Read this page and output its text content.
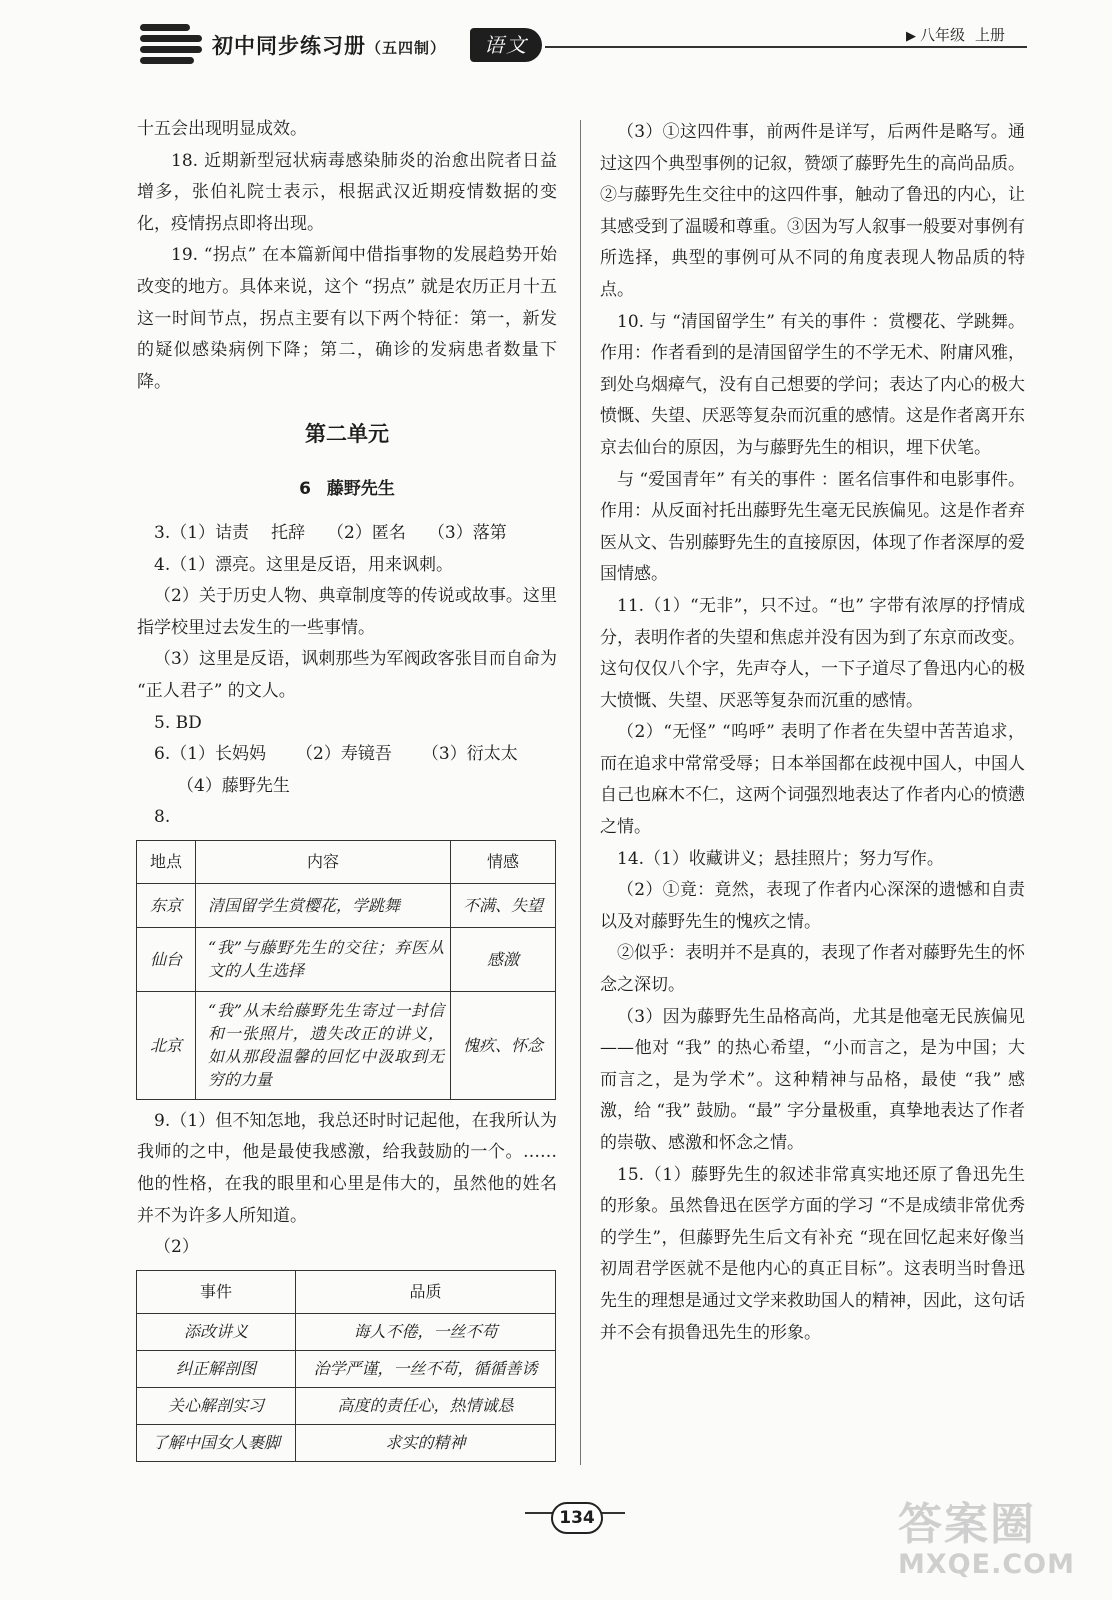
初中同步练习册（五四制）	语文	▶ 八年级 上册

十五会出现明显成效。

18. 近期新型冠状病毒感染肺炎的治愈出院者日益增多，张伯礼院士表示，根据武汉近期疫情数据的变化，疫情拐点即将出现。

19. “拐点” 在本篇新闻中借指事物的发展趋势开始改变的地方。具体来说，这个 “拐点” 就是农历正月十五这一时间节点，拐点主要有以下两个特征：第一，新发的疑似感染病例下降；第二，确诊的发病患者数量下降。

第二单元
6 藤野先生

3.（1）诘责 托辞 （2）匿名 （3）落第

4.（1）漂亮。这里是反语，用来讽刺。

（2）关于历史人物、典章制度等的传说或故事。这里指学校里过去发生的一些事情。

（3）这里是反语，讽刺那些为军阀政客张目而自命为 “正人君子” 的文人。

5. BD

6.（1）长妈妈 （2）寿镜吾 （3）衍太太

（4）藤野先生

8.

地点	内容	情感
东京	清国留学生赏樱花，学跳舞	不满、失望
仙台	“我”与藤野先生的交往；弃医从文的人生选择	感激
北京	“我”从未给藤野先生寄过一封信和一张照片，遗失改正的讲义，如从那段温馨的回忆中汲取到无穷的力量	愧疚、怀念

9.（1）但不知怎地，我总还时时记起他，在我所认为我师的之中，他是最使我感激，给我鼓励的一个。……他的性格，在我的眼里和心里是伟大的，虽然他的姓名并不为许多人所知道。

（2）

事件	品质
添改讲义	诲人不倦，一丝不苟
纠正解剖图	治学严谨，一丝不苟，循循善诱
关心解剖实习	高度的责任心，热情诚恳
了解中国女人裹脚	求实的精神

（3）①这四件事，前两件是详写，后两件是略写。通过这四个典型事例的记叙，赞颂了藤野先生的高尚品质。②与藤野先生交往中的这四件事，触动了鲁迅的内心，让其感受到了温暖和尊重。③因为写人叙事一般要对事例有所选择，典型的事例可从不同的角度表现人物品质的特点。

10. 与 “清国留学生” 有关的事件 ：赏樱花、学跳舞。作用：作者看到的是清国留学生的不学无术、附庸风雅，到处乌烟瘴气，没有自己想要的学问；表达了内心的极大愤慨、失望、厌恶等复杂而沉重的感情。这是作者离开东京去仙台的原因，为与藤野先生的相识，埋下伏笔。

与 “爱国青年” 有关的事件 ：匿名信事件和电影事件。作用：从反面衬托出藤野先生毫无民族偏见。这是作者弃医从文、告别藤野先生的直接原因，体现了作者深厚的爱国情感。

11.（1）“无非”，只不过。“也” 字带有浓厚的抒情成分，表明作者的失望和焦虑并没有因为到了东京而改变。这句仅仅八个字，先声夺人，一下子道尽了鲁迅内心的极大愤慨、失望、厌恶等复杂而沉重的感情。

（2）“无怪” “呜呼” 表明了作者在失望中苦苦追求，而在追求中常常受辱；日本举国都在歧视中国人，中国人自己也麻木不仁，这两个词强烈地表达了作者内心的愤懑之情。

14.（1）收藏讲义；悬挂照片；努力写作。

（2）①竟：竟然，表现了作者内心深深的遗憾和自责以及对藤野先生的愧疚之情。

②似乎：表明并不是真的，表现了作者对藤野先生的怀念之深切。

（3）因为藤野先生品格高尚，尤其是他毫无民族偏见——他对 “我” 的热心希望，“小而言之，是为中国；大而言之，是为学术”。这种精神与品格，最使 “我” 感激，给 “我” 鼓励。“最” 字分量极重，真挚地表达了作者的崇敬、感激和怀念之情。

15.（1）藤野先生的叙述非常真实地还原了鲁迅先生的形象。虽然鲁迅在医学方面的学习 “不是成绩非常优秀的学生”，但藤野先生后文有补充 “现在回忆起来好像当初周君学医就不是他内心的真正目标”。这表明当时鲁迅先生的理想是通过文学来救助国人的精神，因此，这句话并不会有损鲁迅先生的形象。

134	答案圈
MXQE.COM
